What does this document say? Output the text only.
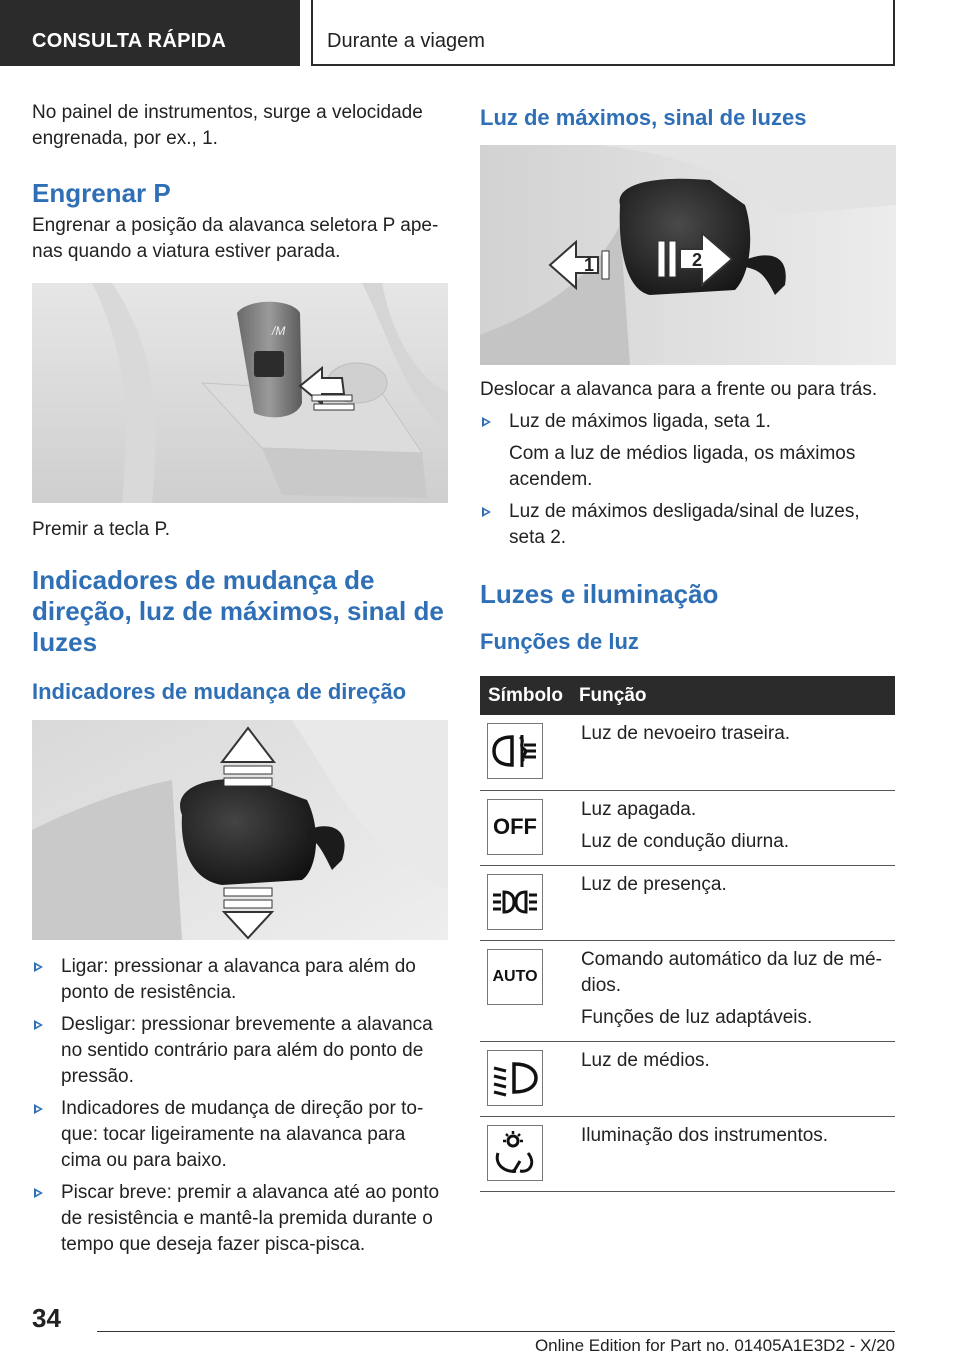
CONSULTA RÁPIDA	Durante a viagem

No painel de instrumentos, surge a velocidade engrenada, por ex., 1.

Engrenar P

Engrenar a posição da alavanca seletora P ape-nas quando a viatura estiver parada.

/M

Premir a tecla P.

Indicadores de mudança de direção, luz de máximos, sinal de luzes
Indicadores de mudança de direção
Ligar: pressionar a alavanca para além do ponto de resistência.
Desligar: pressionar brevemente a alavanca no sentido contrário para além do ponto de pressão.
Indicadores de mudança de direção por to-que: tocar ligeiramente na alavanca para cima ou para baixo.
Piscar breve: premir a alavanca até ao ponto de resistência e mantê-la premida durante o tempo que deseja fazer pisca-pisca.
Luz de máximos, sinal de luzes
1	2

Deslocar a alavanca para a frente ou para trás.

Luz de máximos ligada, seta 1.
Com a luz de médios ligada, os máximos acendem.
Luz de máximos desligada/sinal de luzes, seta 2.
Luzes e iluminação
Funções de luz
Símbolo	Função

Luz de nevoeiro traseira.

OFF	Luz apagada.
Luz de condução diurna.

Luz de presença.

AUTO	Comando automático da luz de mé-dios.
Funções de luz adaptáveis.

Luz de médios.

Iluminação dos instrumentos.
34
Online Edition for Part no. 01405A1E3D2 - X/20
